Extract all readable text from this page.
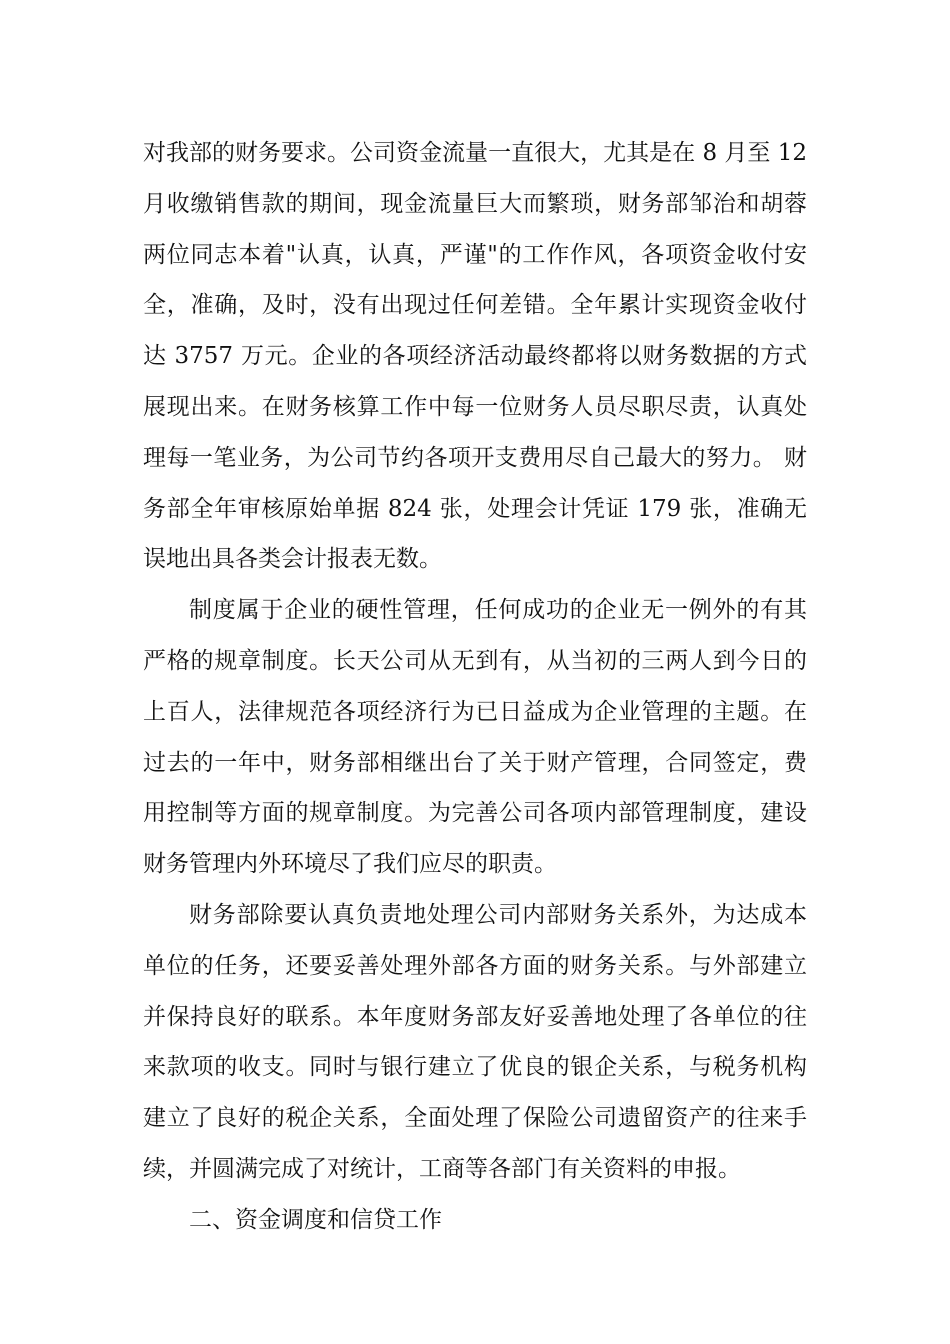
对我部的财务要求。公司资金流量一直很大，尤其是在 8 月至 12 月收缴销售款的期间，现金流量巨大而繁琐，财务部邹治和胡蓉两位同志本着"认真，认真，严谨"的工作作风，各项资金收付安全，准确，及时，没有出现过任何差错。全年累计实现资金收付达 3757 万元。企业的各项经济活动最终都将以财务数据的方式展现出来。在财务核算工作中每一位财务人员尽职尽责，认真处理每一笔业务，为公司节约各项开支费用尽自己最大的努力。 财务部全年审核原始单据 824 张，处理会计凭证 179 张，准确无误地出具各类会计报表无数。

制度属于企业的硬性管理，任何成功的企业无一例外的有其严格的规章制度。长天公司从无到有，从当初的三两人到今日的上百人，法律规范各项经济行为已日益成为企业管理的主题。在过去的一年中，财务部相继出台了关于财产管理，合同签定，费用控制等方面的规章制度。为完善公司各项内部管理制度，建设财务管理内外环境尽了我们应尽的职责。

财务部除要认真负责地处理公司内部财务关系外，为达成本单位的任务，还要妥善处理外部各方面的财务关系。与外部建立并保持良好的联系。本年度财务部友好妥善地处理了各单位的往来款项的收支。同时与银行建立了优良的银企关系，与税务机构建立了良好的税企关系，全面处理了保险公司遗留资产的往来手续，并圆满完成了对统计，工商等各部门有关资料的申报。

二、资金调度和信贷工作
